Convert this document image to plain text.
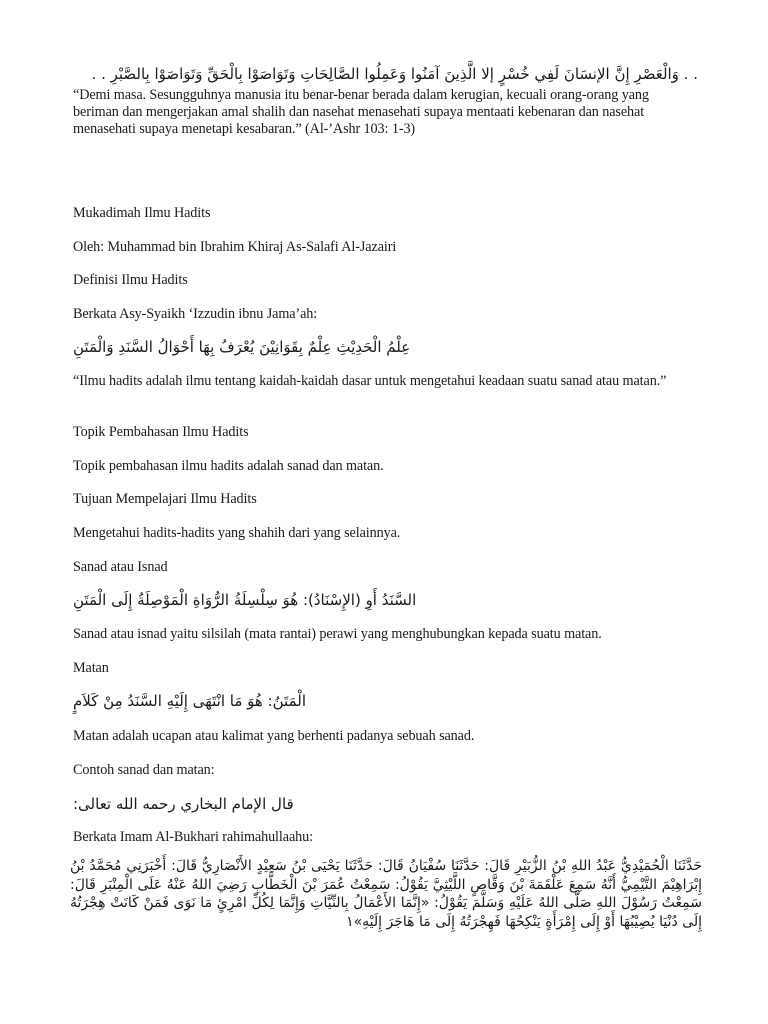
. . وَالْعَصْرِ إِنَّ الإنسَانَ لَفِي خُسْرٍ إلا الَّذِينَ آمَنُوا وَعَمِلُوا الصَّالِحَاتِ وَتَوَاصَوْا بِالْحَقِّ وَتَوَاصَوْا بِالصَّبْرِ . .
“Demi masa. Sesungguhnya manusia itu benar-benar berada dalam kerugian, kecuali orang-orang yang beriman dan mengerjakan amal shalih dan nasehat menasehati supaya mentaati kebenaran dan nasehat menasehati supaya menetapi kesabaran.” (Al-’Ashr 103: 1-3)
Mukadimah Ilmu Hadits
Oleh: Muhammad bin Ibrahim Khiraj As-Salafi Al-Jazairi
Definisi Ilmu Hadits
Berkata Asy-Syaikh ‘Izzudin ibnu Jama’ah:
عِلْمُ الْحَدِيْثِ عِلْمٌ بِقَوَانِيْنَ يُعْرَفُ بِهَا أَحْوَالُ السَّنَدِ وَالْمَتَنِ
“Ilmu hadits adalah ilmu tentang kaidah-kaidah dasar untuk mengetahui keadaan suatu sanad atau matan.”
Topik Pembahasan Ilmu Hadits
Topik pembahasan ilmu hadits adalah sanad dan matan.
Tujuan Mempelajari Ilmu Hadits
Mengetahui hadits-hadits yang shahih dari yang selainnya.
Sanad atau Isnad
السَّنَدُ أَوِ (الإِسْنَادُ): هُوَ سِلْسِلَةُ الرُّوَاةِ الْمَوْصِلَةُ إِلَى الْمَتَنِ
Sanad atau isnad yaitu silsilah (mata rantai) perawi yang menghubungkan kepada suatu matan.
Matan
الْمَتَنُ: هُوَ مَا انْتَهَى إِلَيْهِ السَّنَدُ مِنْ كَلاَمٍ
Matan adalah ucapan atau kalimat yang berhenti padanya sebuah sanad.
Contoh sanad dan matan:
قال الإمام البخاري رحمه الله تعالى:
Berkata Imam Al-Bukhari rahimahullaahu:
حَدَّثَنَا الْحُمَيْدِيُّ عَبْدُ اللهِ بْنُ الزُّبَيْرِ قَالَ: حَدَّثَنَا سُفْيَانُ قَالَ: حَدَّثَنَا يَحْيَى بْنُ سَعِيْدٍ الأَنْصَارِيُّ قَالَ: أَخْبَرَنِي مُحَمَّدُ بْنُ إِبْرَاهِيْمَ التَّيْمِيُّ أَنَّهُ سَمِعَ عَلْقَمَةَ بْنَ وَقَّاصٍ اللَّيْثِيَّ يَقُوْلُ: سَمِعْتُ عُمَرَ بْنَ الْخَطَّابِ رَضِيَ اللهُ عَنْهُ عَلَى الْمِنْبَرِ قَالَ: سَمِعْتُ رَسُوْلَ اللهِ صَلَّى اللهُ عَلَيْهِ وَسَلَّمَ يَقُوْلُ: «إِنَّمَا الأَعْمَالُ بِالنِّيَّاتِ وَإِنَّمَا لِكُلِّ امْرِئٍ مَا نَوَى فَمَنْ كَانَتْ هِجْرَتُهُ إِلَى دُنْيَا يُصِيْبُهَا أَوْ إِلَى إِمْرَأَةٍ يَنْكِحُهَا فَهِجْرَتُهُ إِلَى مَا هَاجَرَ إِلَيْهِ»١
